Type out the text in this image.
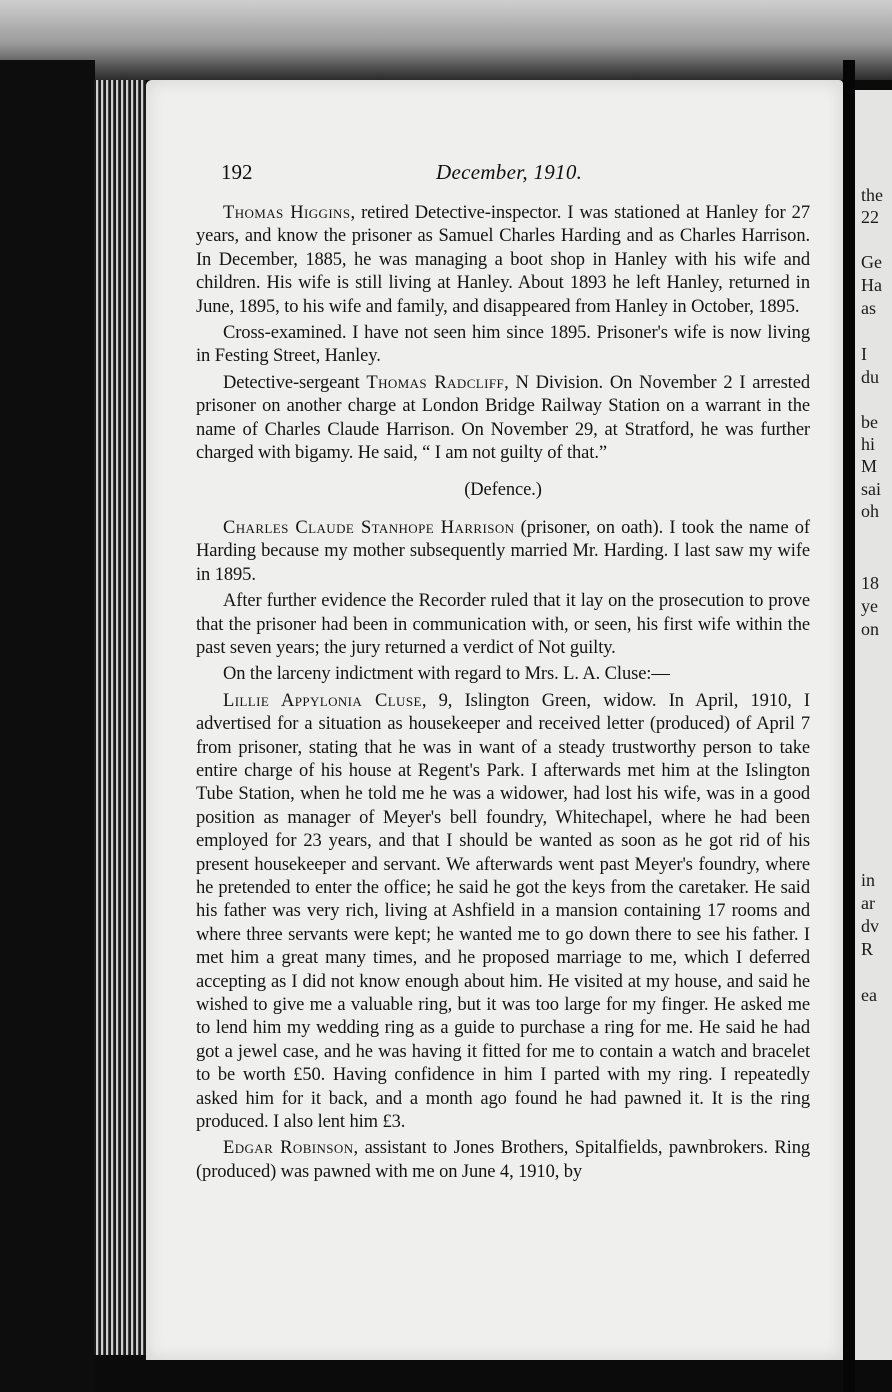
192	December, 1910.

Thomas Higgins, retired Detective-inspector. I was stationed at Hanley for 27 years, and know the prisoner as Samuel Charles Harding and as Charles Harrison. In December, 1885, he was managing a boot shop in Hanley with his wife and children. His wife is still living at Hanley. About 1893 he left Hanley, returned in June, 1895, to his wife and family, and disappeared from Hanley in October, 1895.

Cross-examined. I have not seen him since 1895. Prisoner's wife is now living in Festing Street, Hanley.

Detective-sergeant Thomas Radcliff, N Division. On November 2 I arrested prisoner on another charge at London Bridge Railway Station on a warrant in the name of Charles Claude Harrison. On November 29, at Stratford, he was further charged with bigamy. He said, “ I am not guilty of that.”

(Defence.)

Charles Claude Stanhope Harrison (prisoner, on oath). I took the name of Harding because my mother subsequently married Mr. Harding. I last saw my wife in 1895.

After further evidence the Recorder ruled that it lay on the prosecution to prove that the prisoner had been in communication with, or seen, his first wife within the past seven years; the jury returned a verdict of Not guilty.

On the larceny indictment with regard to Mrs. L. A. Cluse:—

Lillie Appylonia Cluse, 9, Islington Green, widow. In April, 1910, I advertised for a situation as housekeeper and received letter (produced) of April 7 from prisoner, stating that he was in want of a steady trustworthy person to take entire charge of his house at Regent's Park. I afterwards met him at the Islington Tube Station, when he told me he was a widower, had lost his wife, was in a good position as manager of Meyer's bell foundry, Whitechapel, where he had been employed for 23 years, and that I should be wanted as soon as he got rid of his present housekeeper and servant. We afterwards went past Meyer's foundry, where he pretended to enter the office; he said he got the keys from the caretaker. He said his father was very rich, living at Ashfield in a mansion containing 17 rooms and where three servants were kept; he wanted me to go down there to see his father. I met him a great many times, and he proposed marriage to me, which I deferred accepting as I did not know enough about him. He visited at my house, and said he wished to give me a valuable ring, but it was too large for my finger. He asked me to lend him my wedding ring as a guide to purchase a ring for me. He said he had got a jewel case, and he was having it fitted for me to contain a watch and bracelet to be worth £50. Having confidence in him I parted with my ring. I repeatedly asked him for it back, and a month ago found he had pawned it. It is the ring produced. I also lent him £3.

Edgar Robinson, assistant to Jones Brothers, Spitalfields, pawnbrokers. Ring (produced) was pawned with me on June 4, 1910, by

the
22
Ge
Ha
as
I
du
be
hi
M
sai
oh
18
ye
on
in
ar
dv
R
ea
